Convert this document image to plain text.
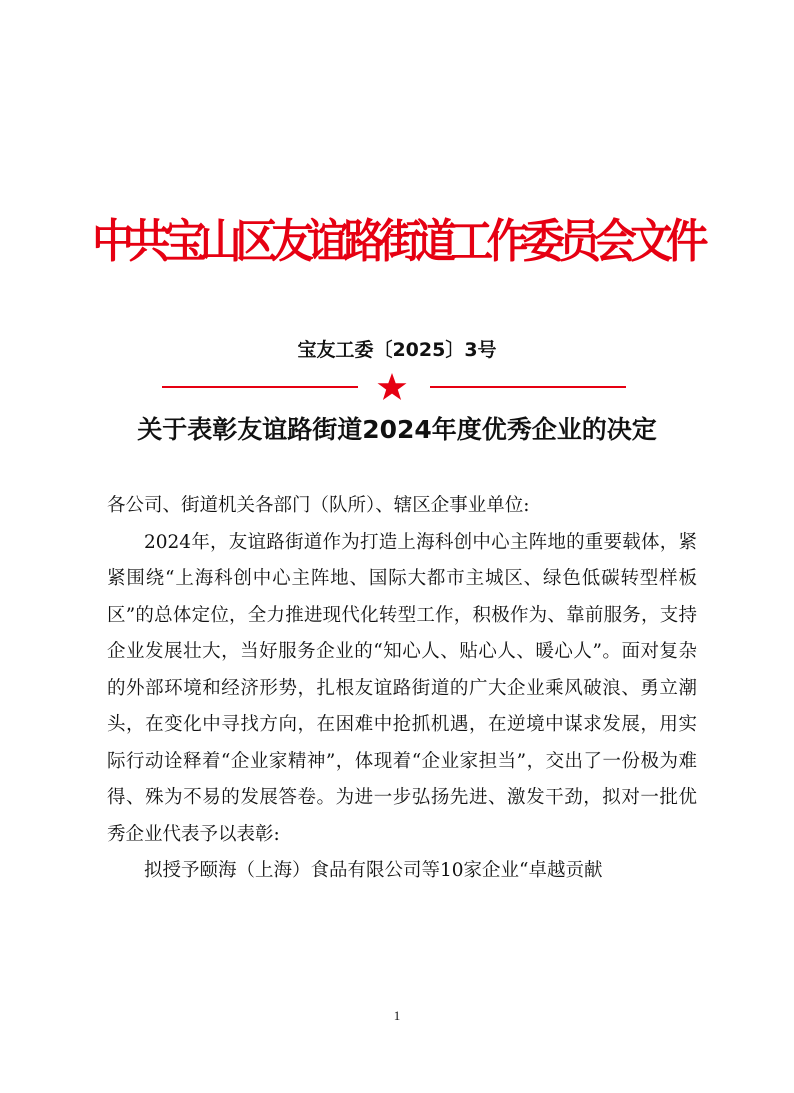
中共宝山区友谊路街道工作委员会文件
宝友工委〔2025〕3号
关于表彰友谊路街道2024年度优秀企业的决定

各公司、街道机关各部门（队所）、辖区企事业单位:

2024年，友谊路街道作为打造上海科创中心主阵地的重要载体，紧紧围绕“上海科创中心主阵地、国际大都市主城区、绿色低碳转型样板区”的总体定位，全力推进现代化转型工作，积极作为、靠前服务，支持企业发展壮大，当好服务企业的“知心人、贴心人、暖心人”。面对复杂的外部环境和经济形势，扎根友谊路街道的广大企业乘风破浪、勇立潮头，在变化中寻找方向，在困难中抢抓机遇，在逆境中谋求发展，用实际行动诠释着“企业家精神”，体现着“企业家担当”，交出了一份极为难得、殊为不易的发展答卷。为进一步弘扬先进、激发干劲，拟对一批优秀企业代表予以表彰:

拟授予颐海（上海）食品有限公司等10家企业“卓越贡献

1
